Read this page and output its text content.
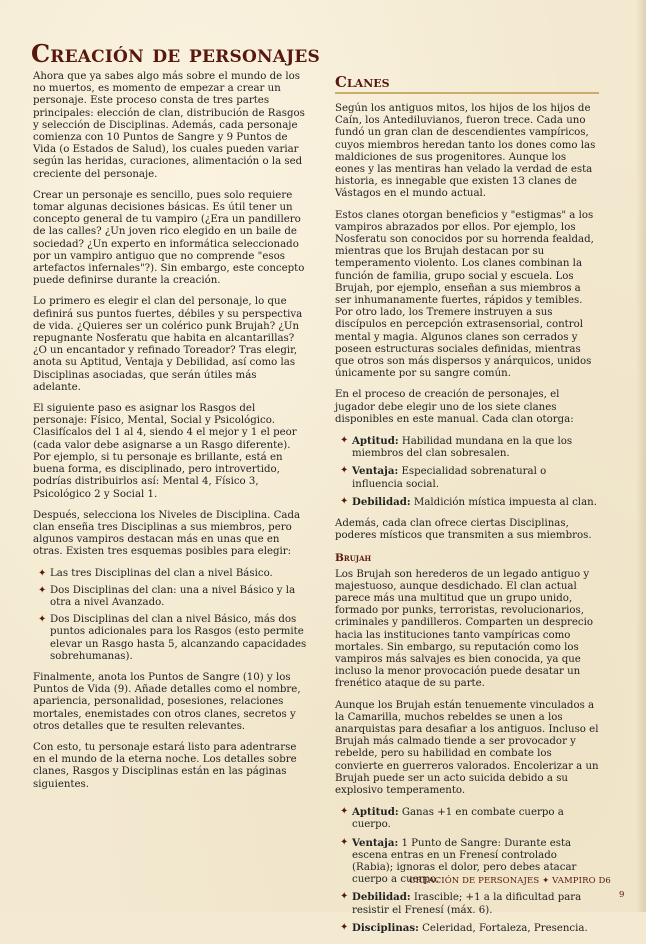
Creación de personajes

Ahora que ya sabes algo más sobre el mundo de los no muertos, es momento de empezar a crear un personaje. Este proceso consta de tres partes principales: elección de clan, distribución de Rasgos y selección de Disciplinas. Además, cada personaje comienza con 10 Puntos de Sangre y 9 Puntos de Vida (o Estados de Salud), los cuales pueden variar según las heridas, curaciones, alimentación o la sed creciente del personaje.

Crear un personaje es sencillo, pues solo requiere tomar algunas decisiones básicas. Es útil tener un concepto general de tu vampiro (¿Era un pandillero de las calles? ¿Un joven rico elegido en un baile de sociedad? ¿Un experto en informática seleccionado por un vampiro antiguo que no comprende "esos artefactos infernales"?). Sin embargo, este concepto puede definirse durante la creación.

Lo primero es elegir el clan del personaje, lo que definirá sus puntos fuertes, débiles y su perspectiva de vida. ¿Quieres ser un colérico punk Brujah? ¿Un repugnante Nosferatu que habita en alcantarillas? ¿O un encantador y refinado Toreador? Tras elegir, anota su Aptitud, Ventaja y Debilidad, así como las Disciplinas asociadas, que serán útiles más adelante.

El siguiente paso es asignar los Rasgos del personaje: Físico, Mental, Social y Psicológico. Clasifícalos del 1 al 4, siendo 4 el mejor y 1 el peor (cada valor debe asignarse a un Rasgo diferente). Por ejemplo, si tu personaje es brillante, está en buena forma, es disciplinado, pero introvertido, podrías distribuirlos así: Mental 4, Físico 3, Psicológico 2 y Social 1.

Después, selecciona los Niveles de Disciplina. Cada clan enseña tres Disciplinas a sus miembros, pero algunos vampiros destacan más en unas que en otras. Existen tres esquemas posibles para elegir:

✦ Las tres Disciplinas del clan a nivel Básico.
✦ Dos Disciplinas del clan: una a nivel Básico y la otra a nivel Avanzado.
✦ Dos Disciplinas del clan a nivel Básico, más dos puntos adicionales para los Rasgos (esto permite elevar un Rasgo hasta 5, alcanzando capacidades sobrehumanas).

Finalmente, anota los Puntos de Sangre (10) y los Puntos de Vida (9). Añade detalles como el nombre, apariencia, personalidad, posesiones, relaciones mortales, enemistades con otros clanes, secretos y otros detalles que te resulten relevantes.

Con esto, tu personaje estará listo para adentrarse en el mundo de la eterna noche. Los detalles sobre clanes, Rasgos y Disciplinas están en las páginas siguientes.

Clanes

Según los antiguos mitos, los hijos de los hijos de Caín, los Antediluvianos, fueron trece. Cada uno fundó un gran clan de descendientes vampíricos, cuyos miembros heredan tanto los dones como las maldiciones de sus progenitores. Aunque los eones y las mentiras han velado la verdad de esta historia, es innegable que existen 13 clanes de Vástagos en el mundo actual.

Estos clanes otorgan beneficios y "estigmas" a los vampiros abrazados por ellos. Por ejemplo, los Nosferatu son conocidos por su horrenda fealdad, mientras que los Brujah destacan por su temperamento violento. Los clanes combinan la función de familia, grupo social y escuela. Los Brujah, por ejemplo, enseñan a sus miembros a ser inhumanamente fuertes, rápidos y temibles. Por otro lado, los Tremere instruyen a sus discípulos en percepción extrasensorial, control mental y magia. Algunos clanes son cerrados y poseen estructuras sociales definidas, mientras que otros son más dispersos y anárquicos, unidos únicamente por su sangre común.

En el proceso de creación de personajes, el jugador debe elegir uno de los siete clanes disponibles en este manual. Cada clan otorga:

✦ Aptitud: Habilidad mundana en la que los miembros del clan sobresalen.
✦ Ventaja: Especialidad sobrenatural o influencia social.
✦ Debilidad: Maldición mística impuesta al clan.

Además, cada clan ofrece ciertas Disciplinas, poderes místicos que transmiten a sus miembros.

Brujah

Los Brujah son herederos de un legado antiguo y majestuoso, aunque desdichado. El clan actual parece más una multitud que un grupo unido, formado por punks, terroristas, revolucionarios, criminales y pandilleros. Comparten un desprecio hacia las instituciones tanto vampíricas como mortales. Sin embargo, su reputación como los vampiros más salvajes es bien conocida, ya que incluso la menor provocación puede desatar un frenético ataque de su parte.

Aunque los Brujah están tenuemente vinculados a la Camarilla, muchos rebeldes se unen a los anarquistas para desafiar a los antiguos. Incluso el Brujah más calmado tiende a ser provocador y rebelde, pero su habilidad en combate los convierte en guerreros valorados. Encolerizar a un Brujah puede ser un acto suicida debido a su explosivo temperamento.

✦ Aptitud: Ganas +1 en combate cuerpo a cuerpo.
✦ Ventaja: 1 Punto de Sangre: Durante esta escena entras en un Frenesí controlado (Rabia); ignoras el dolor, pero debes atacar cuerpo a cuerpo.
✦ Debilidad: Irascible; +1 a la dificultad para resistir el Frenesí (máx. 6).
✦ Disciplinas: Celeridad, Fortaleza, Presencia.
CREACIÓN DE PERSONAJES ✦ VAMPIRO D6
9
